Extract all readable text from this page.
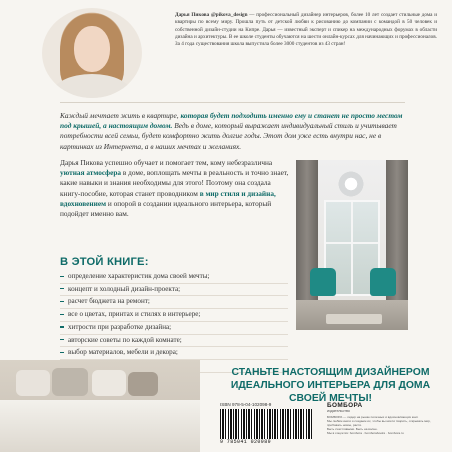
Дарья Пикова @pikova_design — профессиональный дизайнер интерьеров, более 10 лет создает стильные дома и квартиры по всему миру. Прошла путь от детской любви к рисованию до компании с командой в 50 человек и собственной дизайн-студии на Кипре. Дарья — известный эксперт и спикер на международных форумах в области дизайна и архитектуры. В ее школе студенты обучаются на шести онлайн-курсах для начинающих и профессионалов. За 4 года существования школа выпустила более 3000 студентов из 43 стран!
Каждый мечтает жить в квартире, которая будет подходить именно ему и станет не просто местом под крышей, а настоящим домом. Ведь в доме, который выражает индивидуальный стиль и учитывает потребности всей семьи, будет комфортно жить долгие годы. Этот дом уже есть внутри нас, не в картинках из Интернета, а в наших мечтах и желаниях.
Дарья Пикова успешно обучает и помогает тем, кому небезразлична уютная атмосфера в доме, воплощать мечты в реальность и точно знает, какие навыки и знания необходимы для этого! Поэтому она создала книгу-пособие, которая станет проводником в мир стиля и дизайна, вдохновением и опорой в создании идеального интерьера, который подойдет именно вам.
В ЭТОЙ КНИГЕ:
определение характеристик дома своей мечты;
концепт и холодный дизайн-проекта;
расчет бюджета на ремонт;
все о цветах, принтах и стилях в интерьере;
хитрости при разработке дизайна;
авторские советы по каждой комнате;
выбор материалов, мебели и декора;
СТАНЬТЕ НАСТОЯЩИМ ДИЗАЙНЕРОМ ИДЕАЛЬНОГО ИНТЕРЬЕРА ДЛЯ ДОМА СВОЕЙ МЕЧТЫ!
ISBN 978-5-04-102098-9
9 785041 020989
БОМБОРА
издательство
БОМБОРА — лидер на рынке полезных и вдохновляющих книг.
Мы любим книги и создаем их, чтобы вы могли творить, открывать мир, пробовать новое, расти.
Быть счастливыми. Быть на волне.
Мы в соцсетях: bombora · bomborabooks · bombora.ru
